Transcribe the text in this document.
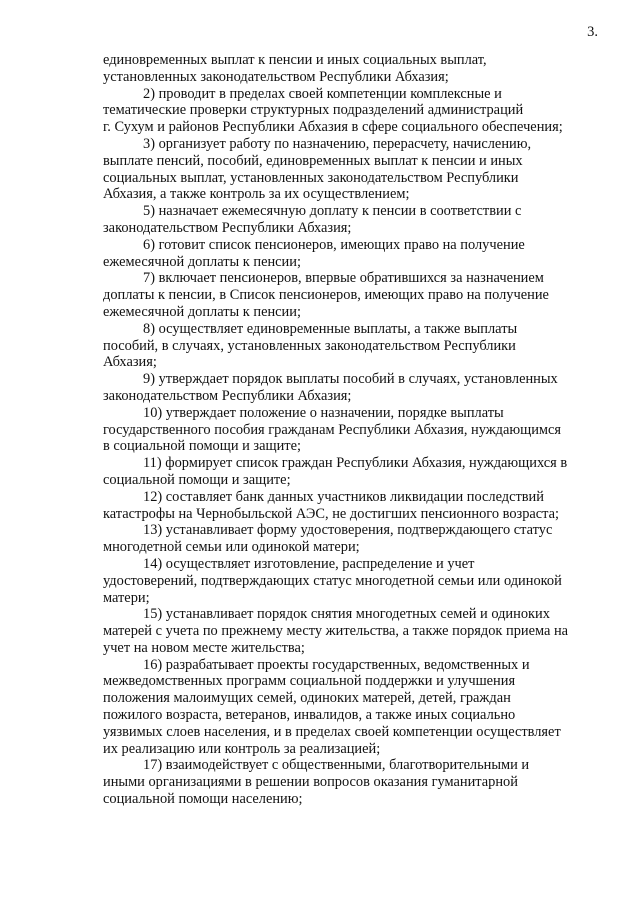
3.

единовременных выплат к пенсии и иных социальных выплат,
установленных законодательством Республики Абхазия;

2) проводит в пределах своей компетенции комплексные и
тематические проверки структурных подразделений администраций
г. Сухум и районов Республики Абхазия в сфере социального обеспечения;

3) организует работу по назначению, перерасчету, начислению,
выплате пенсий, пособий, единовременных выплат к пенсии и иных
социальных выплат, установленных законодательством Республики
Абхазия, а также контроль за их осуществлением;

5) назначает ежемесячную доплату к пенсии в соответствии с
законодательством Республики Абхазия;

6) готовит список пенсионеров, имеющих право на получение
ежемесячной доплаты к пенсии;

7) включает пенсионеров, впервые обратившихся за назначением
доплаты к пенсии, в Список пенсионеров, имеющих право на получение
ежемесячной доплаты к пенсии;

8) осуществляет единовременные выплаты, а также выплаты
пособий, в случаях, установленных законодательством Республики
Абхазия;

9) утверждает порядок выплаты пособий в случаях, установленных
законодательством Республики Абхазия;

10) утверждает положение о назначении, порядке выплаты
государственного пособия гражданам Республики Абхазия, нуждающимся
в социальной помощи и защите;

11) формирует список граждан Республики Абхазия, нуждающихся в
социальной помощи и защите;

12) составляет банк данных участников ликвидации последствий
катастрофы на Чернобыльской АЭС, не достигших пенсионного возраста;

13) устанавливает форму удостоверения, подтверждающего статус
многодетной семьи или одинокой матери;

14) осуществляет изготовление, распределение и учет
удостоверений, подтверждающих статус многодетной семьи или одинокой
матери;

15) устанавливает порядок снятия многодетных семей и одиноких
матерей с учета по прежнему месту жительства, а также порядок приема на
учет на новом месте жительства;

16) разрабатывает проекты государственных, ведомственных и
межведомственных программ социальной поддержки и улучшения
положения малоимущих семей, одиноких матерей, детей, граждан
пожилого возраста, ветеранов, инвалидов, а также иных социально
уязвимых слоев населения, и в пределах своей компетенции осуществляет
их реализацию или контроль за реализацией;

17) взаимодействует с общественными, благотворительными и
иными организациями в решении вопросов оказания гуманитарной
социальной помощи населению;
